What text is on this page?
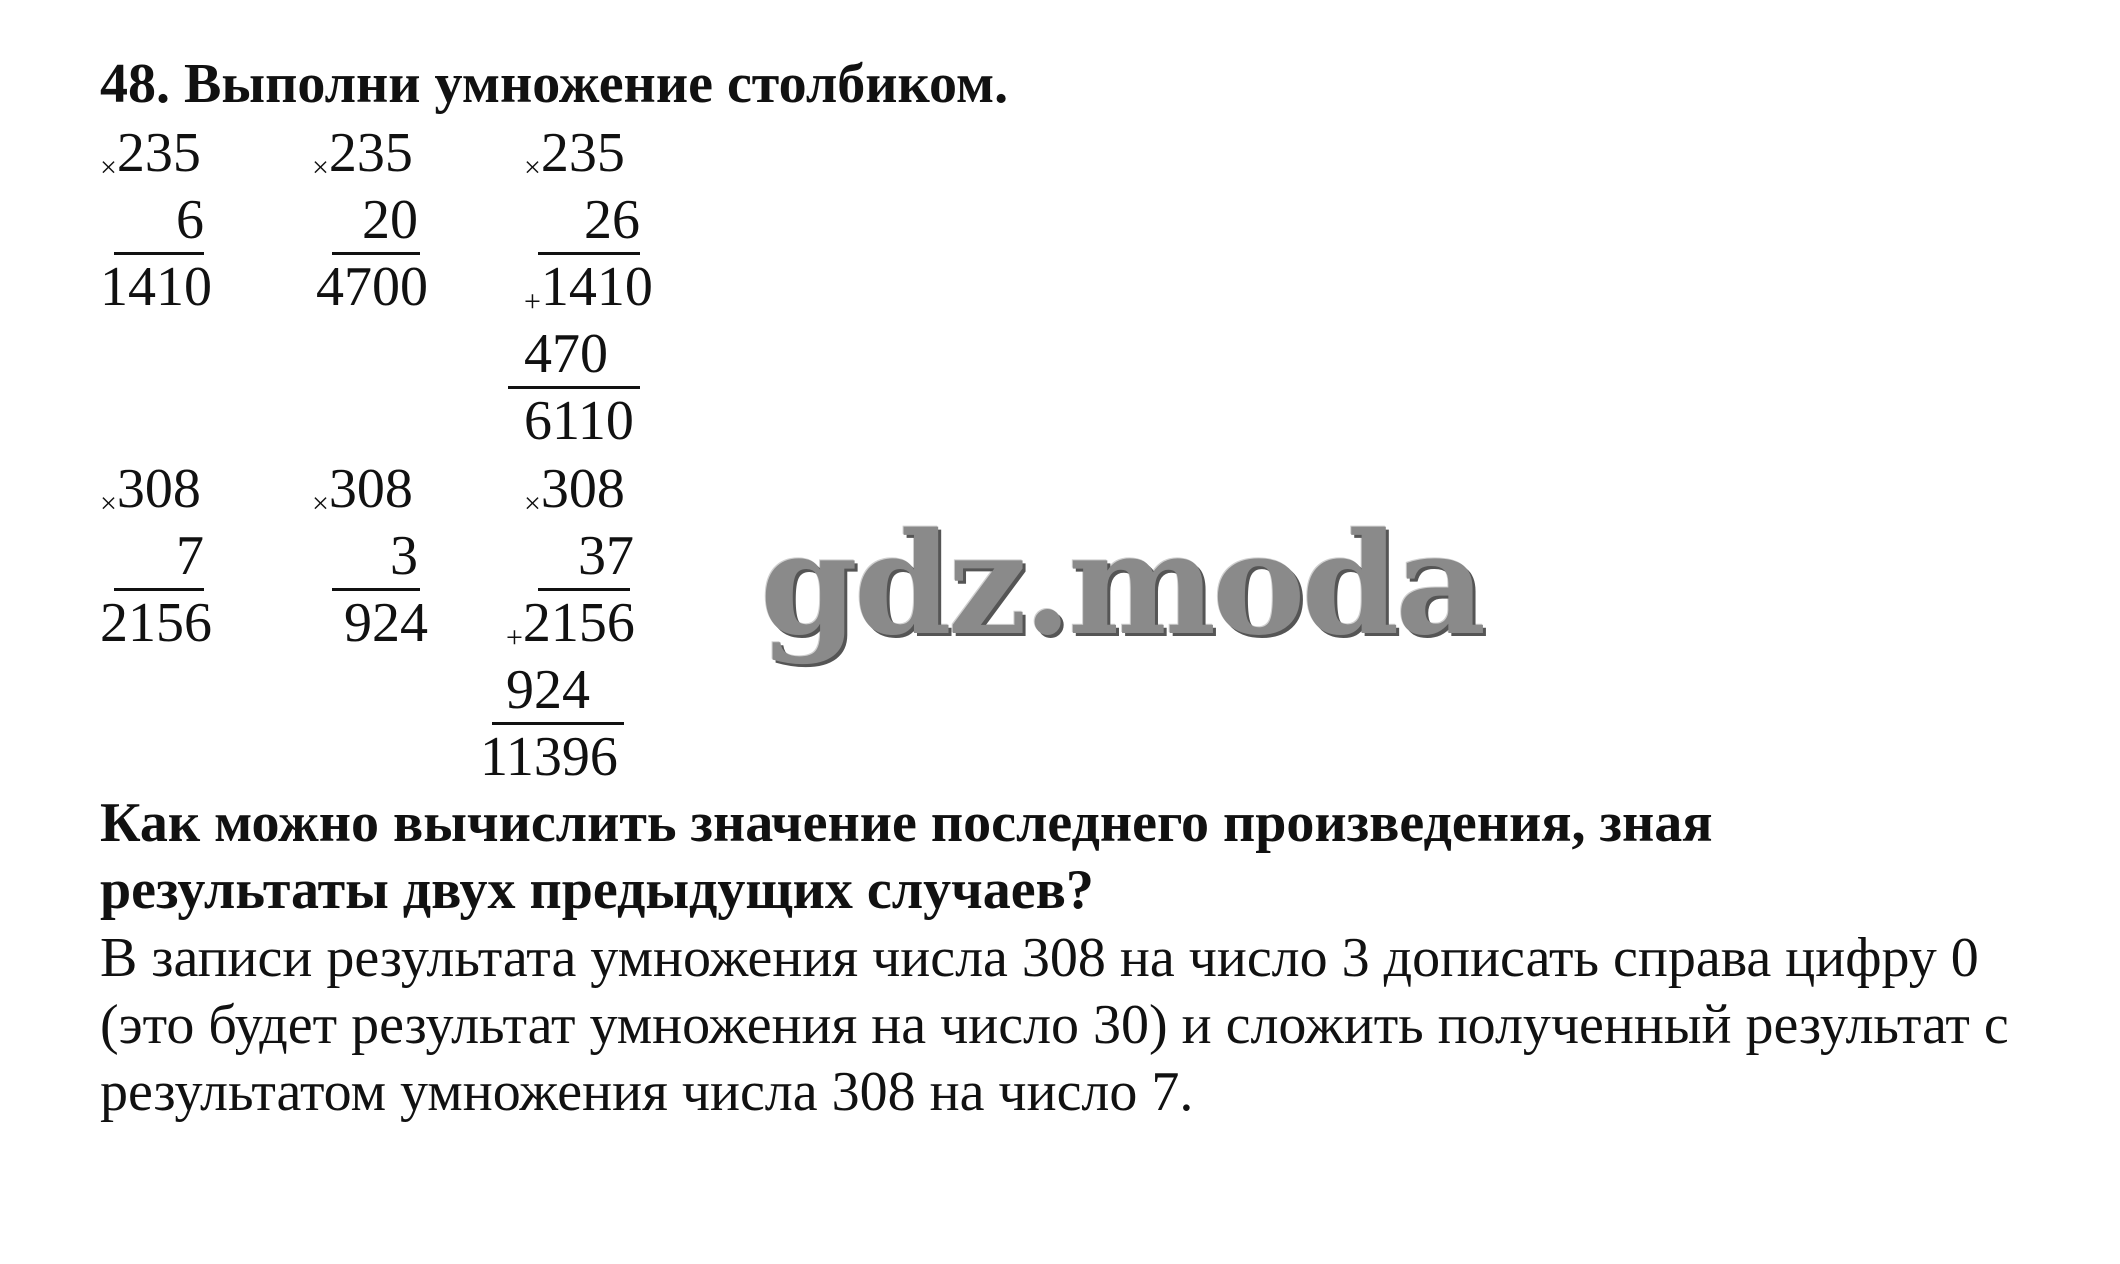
48. Выполни умножение столбиком.

×235

6

1410

×235

20

4700

×235

26

+1410

470

6110

×308

7

2156

×308

3

924

×308

37

+2156

924

11396

gdz.moda
Как можно вычислить значение последнего произведения, зная результаты двух предыдущих случаев?
В записи результата умножения числа 308 на число 3 дописать справа цифру 0 (это будет результат умножения на число 30) и сложить полученный результат с результатом умножения числа 308 на число 7.
